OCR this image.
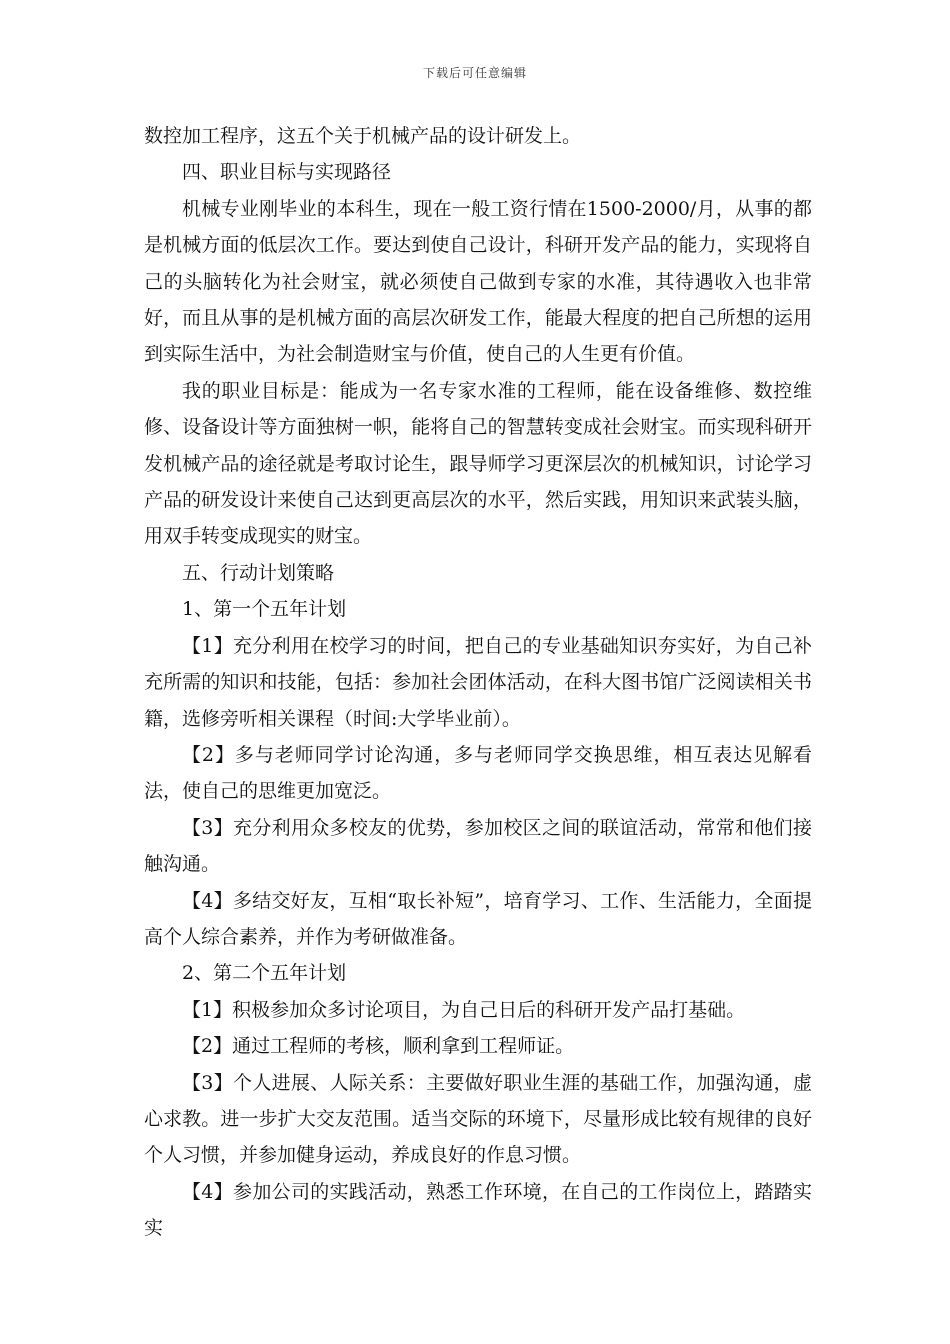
下载后可任意编辑

数控加工程序，这五个关于机械产品的设计研发上。

四、职业目标与实现路径

机械专业刚毕业的本科生，现在一般工资行情在1500-2000/月，从事的都是机械方面的低层次工作。要达到使自己设计，科研开发产品的能力，实现将自己的头脑转化为社会财宝，就必须使自己做到专家的水准，其待遇收入也非常好，而且从事的是机械方面的高层次研发工作，能最大程度的把自己所想的运用到实际生活中，为社会制造财宝与价值，使自己的人生更有价值。

我的职业目标是：能成为一名专家水准的工程师，能在设备维修、数控维修、设备设计等方面独树一帜，能将自己的智慧转变成社会财宝。而实现科研开发机械产品的途径就是考取讨论生，跟导师学习更深层次的机械知识，讨论学习产品的研发设计来使自己达到更高层次的水平，然后实践，用知识来武装头脑，用双手转变成现实的财宝。

五、行动计划策略

1、第一个五年计划

【1】充分利用在校学习的时间，把自己的专业基础知识夯实好，为自己补充所需的知识和技能，包括：参加社会团体活动，在科大图书馆广泛阅读相关书籍，选修旁听相关课程（时间:大学毕业前）。

【2】多与老师同学讨论沟通，多与老师同学交换思维，相互表达见解看法，使自己的思维更加宽泛。

【3】充分利用众多校友的优势，参加校区之间的联谊活动，常常和他们接触沟通。

【4】多结交好友，互相“取长补短”，培育学习、工作、生活能力，全面提高个人综合素养，并作为考研做准备。

2、第二个五年计划

【1】积极参加众多讨论项目，为自己日后的科研开发产品打基础。

【2】通过工程师的考核，顺利拿到工程师证。

【3】个人进展、人际关系：主要做好职业生涯的基础工作，加强沟通，虚心求教。进一步扩大交友范围。适当交际的环境下，尽量形成比较有规律的良好个人习惯，并参加健身运动，养成良好的作息习惯。

【4】参加公司的实践活动，熟悉工作环境，在自己的工作岗位上，踏踏实实
